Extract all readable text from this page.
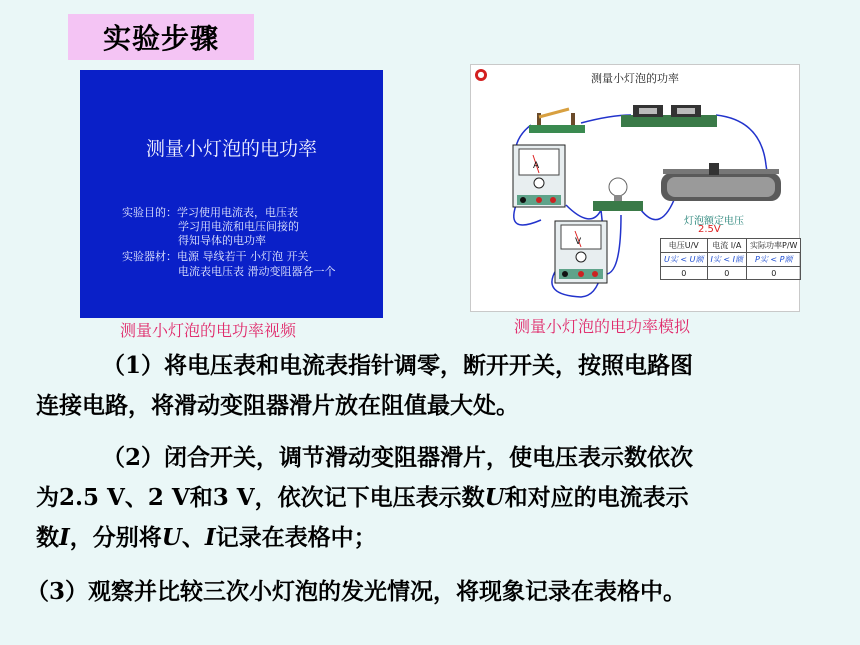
实验步骤
测量小灯泡的电功率
实验目的：学习使用电流表，电压表
学习用电流和电压间接的
得知导体的电功率
实验器材：电源 导线若干 小灯泡 开关
电流表电压表 滑动变阻器各一个
测量小灯泡的电功率视频
●	测量小灯泡的功率
A
V
灯泡额定电压
2.5V
电压U/V	电流 I/A	实际功率P/W
U实 < U额	I实 < I额	P实 < P额
0	0	0
测量小灯泡的电功率模拟
（1）将电压表和电流表指针调零，断开开关，按照电路图
连接电路，将滑动变阻器滑片放在阻值最大处。
（2）闭合开关，调节滑动变阻器滑片，使电压表示数依次
为2.5 V、2 V和3 V，依次记下电压表示数U和对应的电流表示
数I，分别将U、I记录在表格中；
（3）观察并比较三次小灯泡的发光情况，将现象记录在表格中。
